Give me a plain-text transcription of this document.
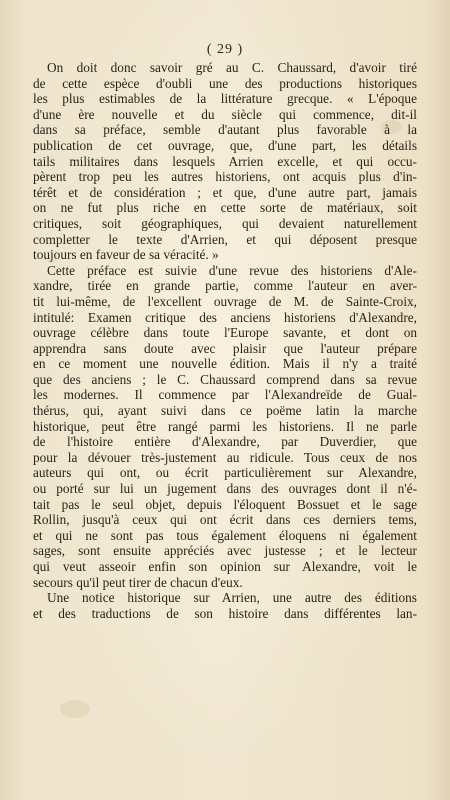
( 29 )

On doit donc savoir gré au C. Chaussard, d'avoir tiré

de cette espèce d'oubli une des productions historiques

les plus estimables de la littérature grecque. « L'époque

d'une ère nouvelle et du siècle qui commence, dit-il

dans sa préface, semble d'autant plus favorable à la

publication de cet ouvrage, que, d'une part, les détails

tails militaires dans lesquels Arrien excelle, et qui occu-

pèrent trop peu les autres historiens, ont acquis plus d'in-

térêt et de considération ; et que, d'une autre part, jamais

on ne fut plus riche en cette sorte de matériaux, soit

critiques, soit géographiques, qui devaient naturellement

completter le texte d'Arrien, et qui déposent presque

toujours en faveur de sa véracité. »

Cette préface est suivie d'une revue des historiens d'Ale-

xandre, tirée en grande partie, comme l'auteur en aver-

tit lui-même, de l'excellent ouvrage de M. de Sainte-Croix,

intitulé: Examen critique des anciens historiens d'Alexandre,

ouvrage célèbre dans toute l'Europe savante, et dont on

apprendra sans doute avec plaisir que l'auteur prépare

en ce moment une nouvelle édition. Mais il n'y a traité

que des anciens ; le C. Chaussard comprend dans sa revue

les modernes. Il commence par l'Alexandreïde de Gual-

thérus, qui, ayant suivi dans ce poëme latin la marche

historique, peut être rangé parmi les historiens. Il ne parle

de l'histoire entière d'Alexandre, par Duverdier, que

pour la dévouer très-justement au ridicule. Tous ceux de nos

auteurs qui ont, ou écrit particulièrement sur Alexandre,

ou porté sur lui un jugement dans des ouvrages dont il n'é-

tait pas le seul objet, depuis l'éloquent Bossuet et le sage

Rollin, jusqu'à ceux qui ont écrit dans ces derniers tems,

et qui ne sont pas tous également éloquens ni également

sages, sont ensuite appréciés avec justesse ; et le lecteur

qui veut asseoir enfin son opinion sur Alexandre, voit le

secours qu'il peut tirer de chacun d'eux.

Une notice historique sur Arrien, une autre des éditions

et des traductions de son histoire dans différentes lan-
